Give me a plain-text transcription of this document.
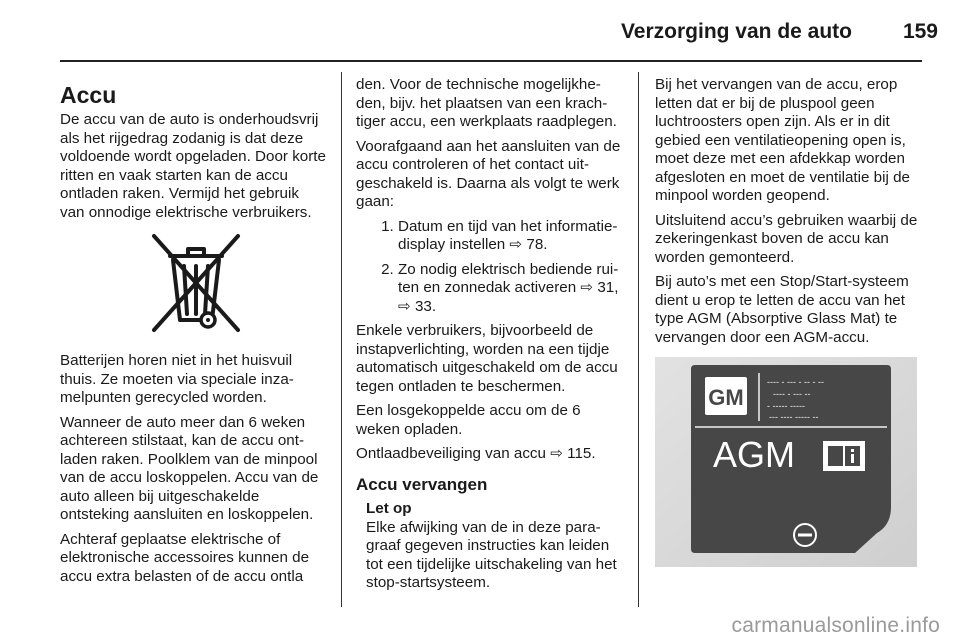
Verzorging van de auto 159
Accu

De accu van de auto is onderhoudsvrij als het rijgedrag zodanig is dat deze voldoende wordt opgeladen. Door korte ritten en vaak starten kan de accu ontladen raken. Vermijd het gebruik van onnodige elektrische verbruikers.

Batterijen horen niet in het huisvuil thuis. Ze moeten via speciale inzamelpunten gerecycled worden.

Wanneer de auto meer dan 6 weken achtereen stilstaat, kan de accu ontladen raken. Poolklem van de minpool van de accu loskoppelen. Accu van de auto alleen bij uitgeschakelde ontsteking aansluiten en loskoppelen.

Achteraf geplaatse elektrische of elektronische accessoires kunnen de accu extra belasten of de accu ontla

den. Voor de technische mogelijkheden, bijv. het plaatsen van een krachtiger accu, een werkplaats raadplegen.

Voorafgaand aan het aansluiten van de accu controleren of het contact uitgeschakeld is. Daarna als volgt te werk gaan:

1. Datum en tijd van het informatiedisplay instellen ⇨ 78.
2. Zo nodig elektrisch bediende ruiten en zonnedak activeren ⇨ 31, ⇨ 33.

Enkele verbruikers, bijvoorbeeld de instapverlichting, worden na een tijdje automatisch uitgeschakeld om de accu tegen ontladen te beschermen.

Een losgekoppelde accu om de 6 weken opladen.

Ontlaadbeveiliging van accu ⇨ 115.

Accu vervangen
Let op
Elke afwijking van de in deze paragraaf gegeven instructies kan leiden tot een tijdelijke uitschakeling van het stop-startsysteem.

Bij het vervangen van de accu, erop letten dat er bij de pluspool geen luchtroosters open zijn. Als er in dit gebied een ventilatieopening open is, moet deze met een afdekkap worden afgesloten en moet de ventilatie bij de minpool worden geopend.

Uitsluitend accu’s gebruiken waarbij de zekeringenkast boven de accu kan worden gemonteerd.

Bij auto’s met een Stop/Start-systeem dient u erop te letten de accu van het type AGM (Absorptive Glass Mat) te vervangen door een AGM-accu.

GM
---- - --- - -- - --
---- - --- --
- ----- -----
--- ---- ----- --
AGM
carmanualsonline.info
